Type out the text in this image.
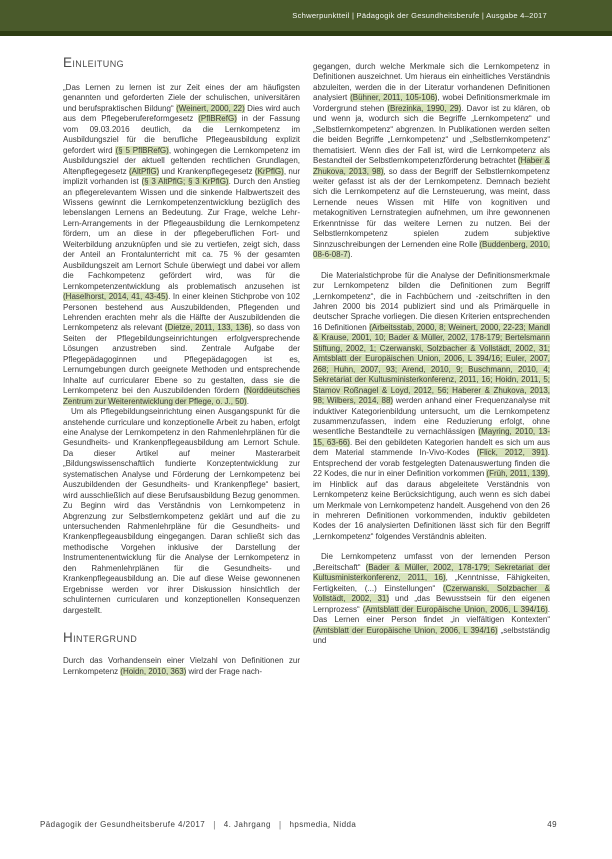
Schwerpunktteil | Pädagogik der Gesundheitsberufe | Ausgabe 4–2017
Einleitung

„Das Lernen zu lernen ist zur Zeit eines der am häufigsten genannten und geforderten Ziele der schulischen, universitären und berufspraktischen Bildung“ (Weinert, 2000, 22) Dies wird auch aus dem Pflegeberufereformgesetz (PflBRefG) in der Fassung vom 09.03.2016 deutlich, da die Lernkompetenz im Ausbildungsziel für die berufliche Pflegeausbildung explizit gefordert wird (§ 5 PflBRefG), wohingegen die Lernkompetenz im Ausbildungsziel der aktuell geltenden rechtlichen Grundlagen, Altenpflegegesetz (AltPflG) und Krankenpflegegesetz (KrPflG), nur implizit vorhanden ist (§ 3 AltPflG; § 3 KrPflG). Durch den Anstieg an pflegerelevantem Wissen und die sinkende Halbwertszeit des Wissens gewinnt die Lernkompetenzentwicklung bezüglich des lebenslangen Lernens an Bedeutung. Zur Frage, welche Lehr-Lern-Arrangements in der Pflegeausbildung die Lernkompetenz fördern, um an diese in der pflegeberuflichen Fort- und Weiterbildung anzuknüpfen und sie zu vertiefen, zeigt sich, dass der Anteil an Frontalunterricht mit ca. 75 % der gesamten Ausbildungszeit am Lernort Schule überwiegt und dabei vor allem die Fachkompetenz gefördert wird, was für die Lernkompetenzentwicklung als problematisch anzusehen ist (Haselhorst, 2014, 41, 43-45). In einer kleinen Stichprobe von 102 Personen bestehend aus Auszubildenden, Pflegenden und Lehrenden erachten mehr als die Hälfte der Auszubildenden die Lernkompetenz als relevant (Dietze, 2011, 133, 136), so dass von Seiten der Pflegebildungseinrichtungen erfolgversprechende Lösungen anzustreben sind. Zentrale Aufgabe der Pflegepädagoginnen und Pflegepädagogen ist es, Lernumgebungen durch geeignete Methoden und entsprechende Inhalte auf curricularer Ebene so zu gestalten, dass sie die Lernkompetenz bei den Auszubildenden fördern (Norddeutsches Zentrum zur Weiterentwicklung der Pflege, o. J., 50).

Um als Pflegebildungseinrichtung einen Ausgangspunkt für die anstehende curriculare und konzeptionelle Arbeit zu haben, erfolgt eine Analyse der Lernkompetenz in den Rahmenlehrplänen für die Gesundheits- und Krankenpflegeausbildung am Lernort Schule. Da dieser Artikel auf meiner Masterarbeit „Bildungswissenschaftlich fundierte Konzeptentwicklung zur systematischen Analyse und Förderung der Lernkompetenz bei Auszubildenden der Gesundheits- und Krankenpflege“ basiert, wird ausschließlich auf diese Berufsausbildung Bezug genommen. Zu Beginn wird das Verständnis von Lernkompetenz in Abgrenzung zur Selbstlernkompetenz geklärt und auf die zu untersuchenden Rahmenlehrpläne für die Gesundheits- und Krankenpflegeausbildung eingegangen. Daran schließt sich das methodische Vorgehen inklusive der Darstellung der Instrumentenentwicklung für die Analyse der Lernkompetenz in den Rahmenlehrplänen für die Gesundheits- und Krankenpflegeausbildung an. Die auf diese Weise gewonnenen Ergebnisse werden vor ihrer Diskussion hinsichtlich der schulinternen curricularen und konzeptionellen Konsequenzen dargestellt.

Hintergrund

Durch das Vorhandensein einer Vielzahl von Definitionen zur Lernkompetenz (Hoidn, 2010, 363) wird der Frage nach-

gegangen, durch welche Merkmale sich die Lernkompetenz in Definitionen auszeichnet. Um hieraus ein einheitliches Verständnis abzuleiten, werden die in der Literatur vorhandenen Definitionen analysiert (Bühner, 2011, 105-106), wobei Definitionsmerkmale im Vordergrund stehen (Brezinka, 1990, 29). Davor ist zu klären, ob und wenn ja, wodurch sich die Begriffe „Lernkompetenz“ und „Selbstlernkompetenz“ abgrenzen. In Publikationen werden selten die beiden Begriffe „Lernkompetenz“ und „Selbstlernkompetenz“ thematisiert. Wenn dies der Fall ist, wird die Lernkompetenz als Bestandteil der Selbstlernkompetenzförderung betrachtet (Haber & Zhukova, 2013, 98), so dass der Begriff der Selbstlernkompetenz weiter gefasst ist als der der Lernkompetenz. Demnach bezieht sich die Lernkompetenz auf die Lernsteuerung, was meint, dass Lernende neues Wissen mit Hilfe von kognitiven und metakognitiven Lernstrategien aufnehmen, um ihre gewonnenen Erkenntnisse für das weitere Lernen zu nutzen. Bei der Selbstlernkompetenz spielen zudem subjektive Sinnzuschreibungen der Lernenden eine Rolle (Buddenberg, 2010, 08-6-08-7).

Die Materialstichprobe für die Analyse der Definitionsmerkmale zur Lernkompetenz bilden die Definitionen zum Begriff „Lernkompetenz“, die in Fachbüchern und -zeitschriften in den Jahren 2000 bis 2014 publiziert sind und als Primärquelle in deutscher Sprache vorliegen. Die diesen Kriterien entsprechenden 16 Definitionen (Arbeitsstab, 2000, 8; Weinert, 2000, 22-23; Mandl & Krause, 2001, 10; Bader & Müller, 2002, 178-179; Bertelsmann Stiftung, 2002, 1; Czerwanski, Solzbacher & Vollstädt, 2002, 31; Amtsblatt der Europäischen Union, 2006, L 394/16; Euler, 2007, 268; Huhn, 2007, 93; Arend, 2010, 9; Buschmann, 2010, 4; Sekretariat der Kultusministerkonferenz, 2011, 16; Hoidn, 2011, 5; Stamov Roßnagel & Loyd, 2012, 56; Haberer & Zhukova, 2013, 98; Wilbers, 2014, 88) werden anhand einer Frequenzanalyse mit induktiver Kategorienbildung untersucht, um die Lernkompetenz zusammenzufassen, indem eine Reduzierung erfolgt, ohne wesentliche Bestandteile zu vernachlässigen (Mayring, 2010, 13-15, 63-66). Bei den gebildeten Kategorien handelt es sich um aus dem Material stammende In-Vivo-Kodes (Flick, 2012, 391). Entsprechend der vorab festgelegten Datenauswertung finden die 22 Kodes, die nur in einer Definition vorkommen (Früh, 2011, 139), im Hinblick auf das daraus abgeleitete Verständnis von Lernkompetenz keine Berücksichtigung, auch wenn es sich dabei um Merkmale von Lernkompetenz handelt. Ausgehend von den 26 in mehreren Definitionen vorkommenden, induktiv gebildeten Kodes der 16 analysierten Definitionen lässt sich für den Begriff „Lernkompetenz“ folgendes Verständnis ableiten.

Die Lernkompetenz umfasst von der lernenden Person „Bereitschaft“ (Bader & Müller, 2002, 178-179; Sekretariat der Kultusministerkonferenz, 2011, 16), „Kenntnisse, Fähigkeiten, Fertigkeiten, (...) Einstellungen“ (Czerwanski, Solzbacher & Vollstädt, 2002, 31) und „das Bewusstsein für den eigenen Lernprozess“ (Amtsblatt der Europäische Union, 2006, L 394/16). Das Lernen einer Person findet „in vielfältigen Kontexten“ (Amtsblatt der Europäische Union, 2006, L 394/16) „selbstständig und

Pädagogik der Gesundheitsberufe 4/2017 | 4. Jahrgang | hpsmedia, Nidda	49
